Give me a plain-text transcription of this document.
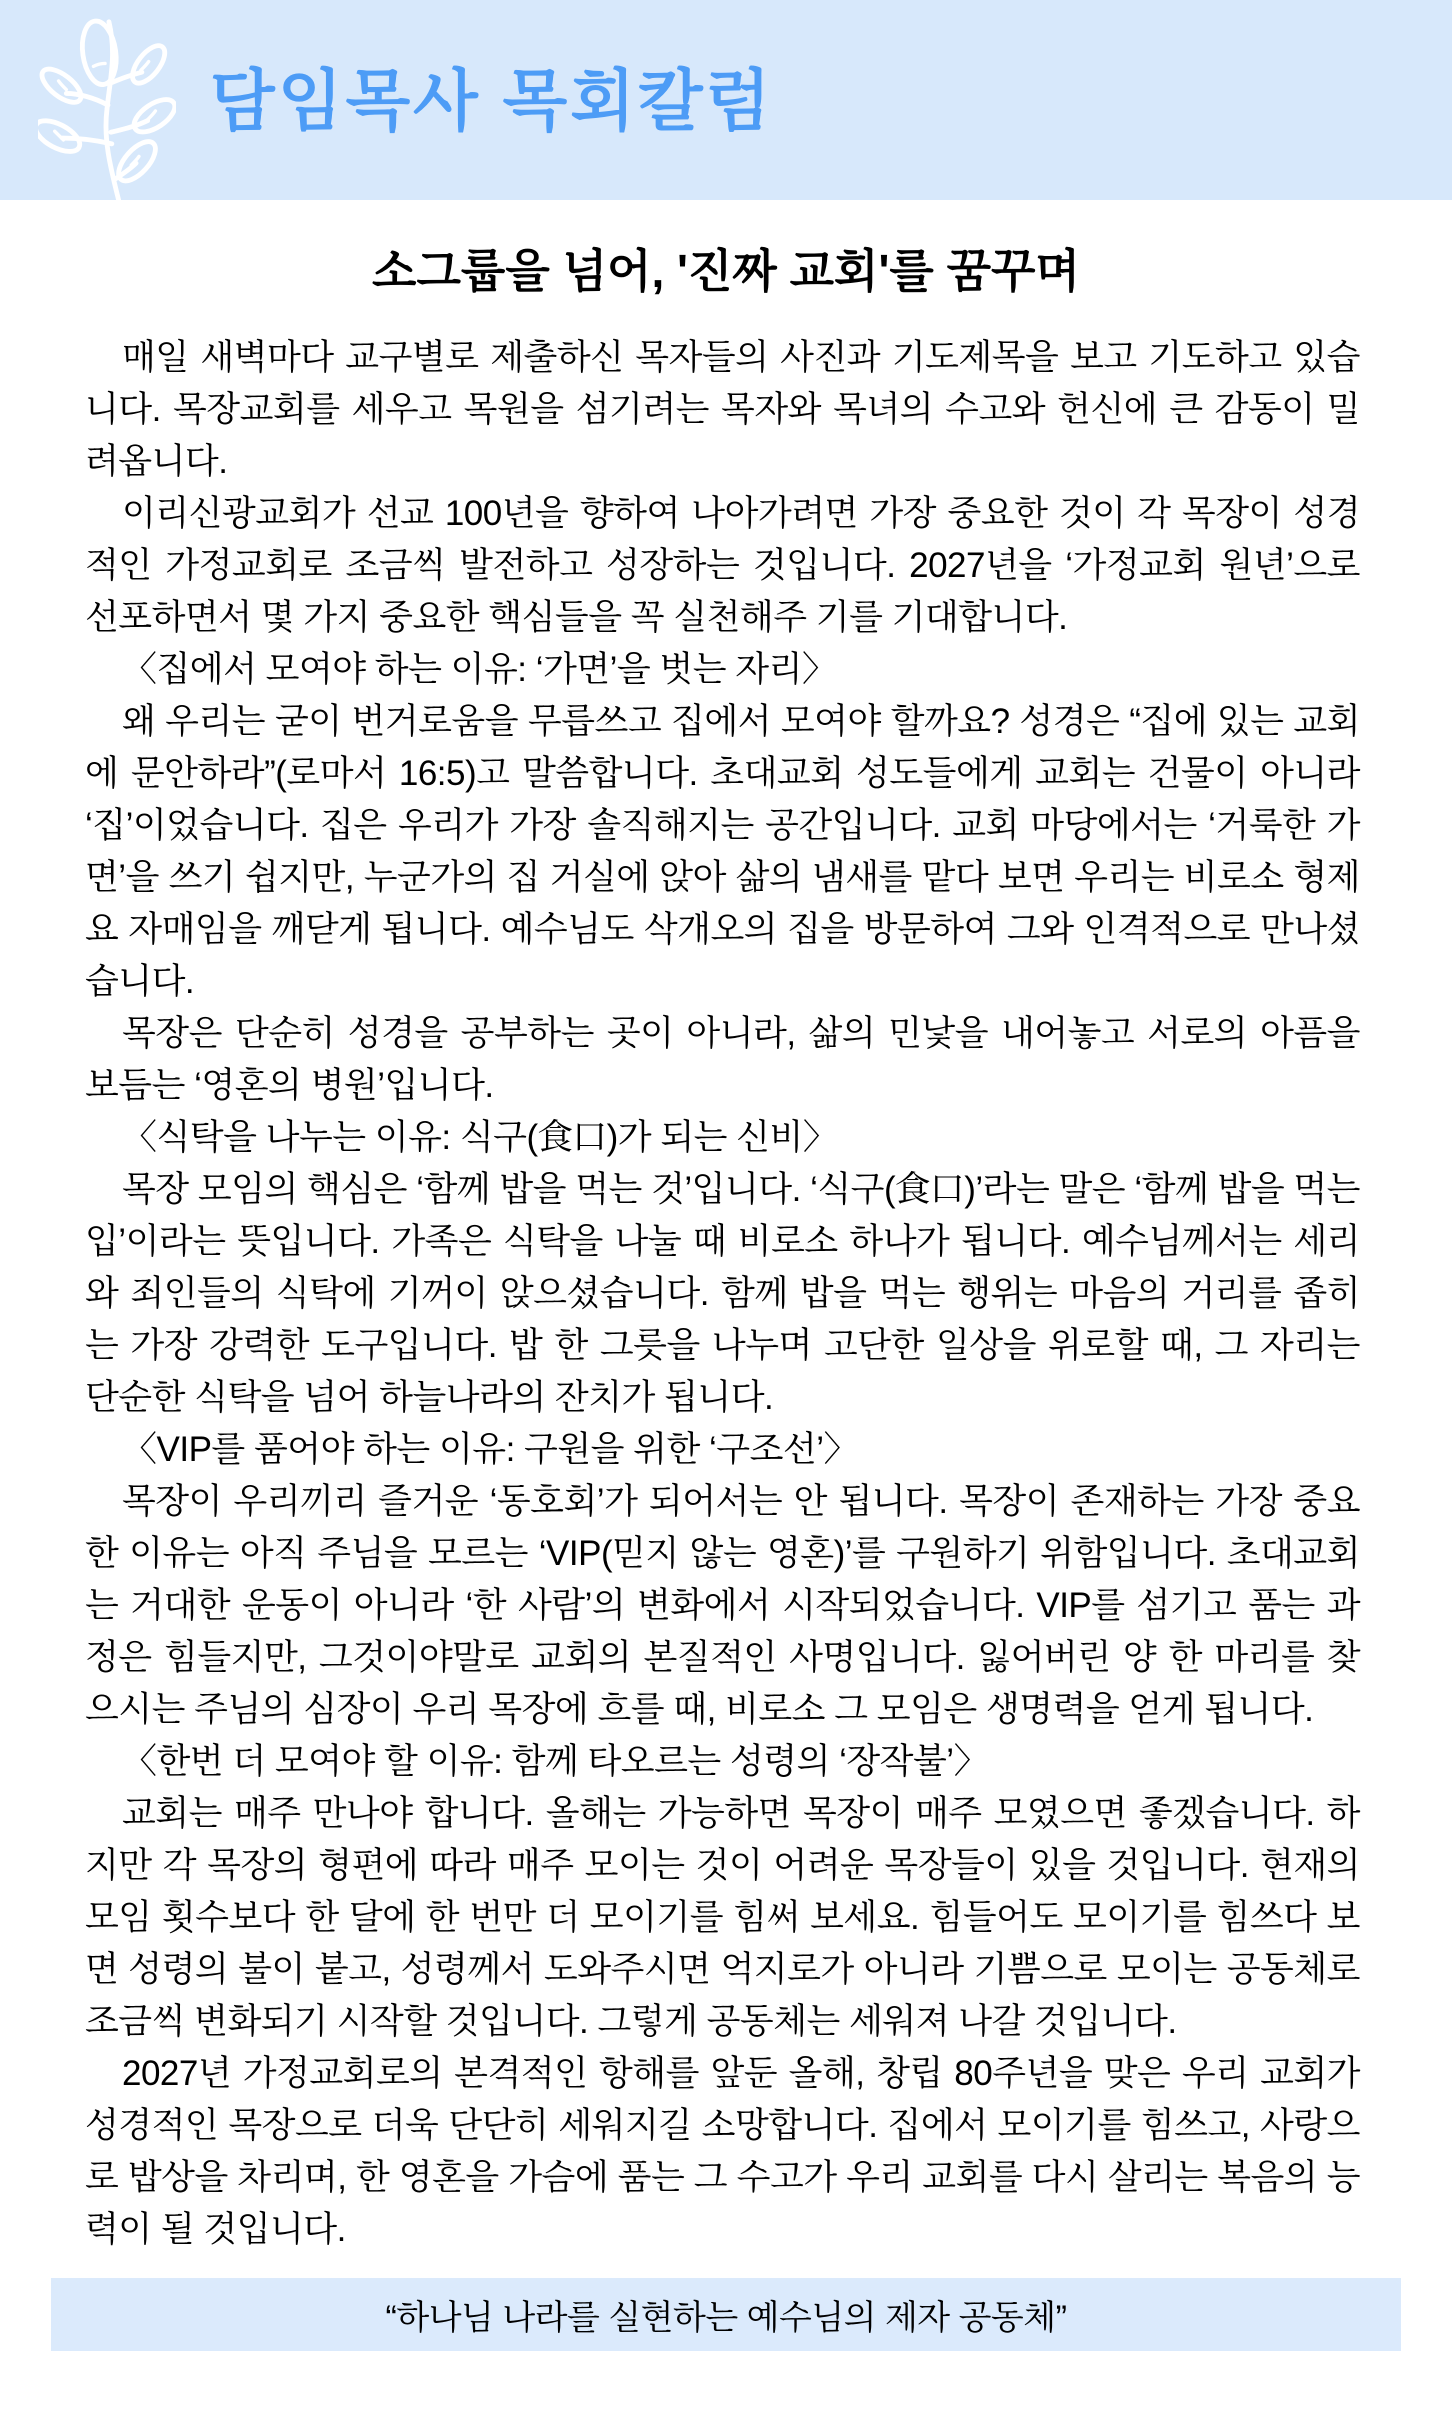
담임목사 목회칼럼
소그룹을 넘어, '진짜 교회'를 꿈꾸며

매일 새벽마다 교구별로 제출하신 목자들의 사진과 기도제목을 보고 기도하고 있습니다. 목장교회를 세우고 목원을 섬기려는 목자와 목녀의 수고와 헌신에 큰 감동이 밀려옵니다.

이리신광교회가 선교 100년을 향하여 나아가려면 가장 중요한 것이 각 목장이 성경적인 가정교회로 조금씩 발전하고 성장하는 것입니다. 2027년을 ‘가정교회 원년’으로 선포하면서 몇 가지 중요한 핵심들을 꼭 실천해주 기를 기대합니다.

〈집에서 모여야 하는 이유: ‘가면’을 벗는 자리〉

왜 우리는 굳이 번거로움을 무릅쓰고 집에서 모여야 할까요? 성경은 “집에 있는 교회에 문안하라”(로마서 16:5)고 말씀합니다. 초대교회 성도들에게 교회는 건물이 아니라 ‘집’이었습니다. 집은 우리가 가장 솔직해지는 공간입니다. 교회 마당에서는 ‘거룩한 가면’을 쓰기 쉽지만, 누군가의 집 거실에 앉아 삶의 냄새를 맡다 보면 우리는 비로소 형제요 자매임을 깨닫게 됩니다. 예수님도 삭개오의 집을 방문하여 그와 인격적으로 만나셨습니다.

목장은 단순히 성경을 공부하는 곳이 아니라, 삶의 민낯을 내어놓고 서로의 아픔을 보듬는 ‘영혼의 병원’입니다.

〈식탁을 나누는 이유: 식구(食口)가 되는 신비〉

목장 모임의 핵심은 ‘함께 밥을 먹는 것’입니다. ‘식구(食口)’라는 말은 ‘함께 밥을 먹는 입’이라는 뜻입니다. 가족은 식탁을 나눌 때 비로소 하나가 됩니다. 예수님께서는 세리와 죄인들의 식탁에 기꺼이 앉으셨습니다. 함께 밥을 먹는 행위는 마음의 거리를 좁히는 가장 강력한 도구입니다. 밥 한 그릇을 나누며 고단한 일상을 위로할 때, 그 자리는 단순한 식탁을 넘어 하늘나라의 잔치가 됩니다.

〈VIP를 품어야 하는 이유: 구원을 위한 ‘구조선’〉

목장이 우리끼리 즐거운 ‘동호회’가 되어서는 안 됩니다. 목장이 존재하는 가장 중요한 이유는 아직 주님을 모르는 ‘VIP(믿지 않는 영혼)’를 구원하기 위함입니다. 초대교회는 거대한 운동이 아니라 ‘한 사람’의 변화에서 시작되었습니다. VIP를 섬기고 품는 과정은 힘들지만, 그것이야말로 교회의 본질적인 사명입니다. 잃어버린 양 한 마리를 찾으시는 주님의 심장이 우리 목장에 흐를 때, 비로소 그 모임은 생명력을 얻게 됩니다.

〈한번 더 모여야 할 이유: 함께 타오르는 성령의 ‘장작불’〉

교회는 매주 만나야 합니다. 올해는 가능하면 목장이 매주 모였으면 좋겠습니다. 하지만 각 목장의 형편에 따라 매주 모이는 것이 어려운 목장들이 있을 것입니다. 현재의 모임 횟수보다 한 달에 한 번만 더 모이기를 힘써 보세요. 힘들어도 모이기를 힘쓰다 보면 성령의 불이 붙고, 성령께서 도와주시면 억지로가 아니라 기쁨으로 모이는 공동체로 조금씩 변화되기 시작할 것입니다. 그렇게 공동체는 세워져 나갈 것입니다.

2027년 가정교회로의 본격적인 항해를 앞둔 올해, 창립 80주년을 맞은 우리 교회가 성경적인 목장으로 더욱 단단히 세워지길 소망합니다. 집에서 모이기를 힘쓰고, 사랑으로 밥상을 차리며, 한 영혼을 가슴에 품는 그 수고가 우리 교회를 다시 살리는 복음의 능력이 될 것입니다.

“하나님 나라를 실현하는 예수님의 제자 공동체”
